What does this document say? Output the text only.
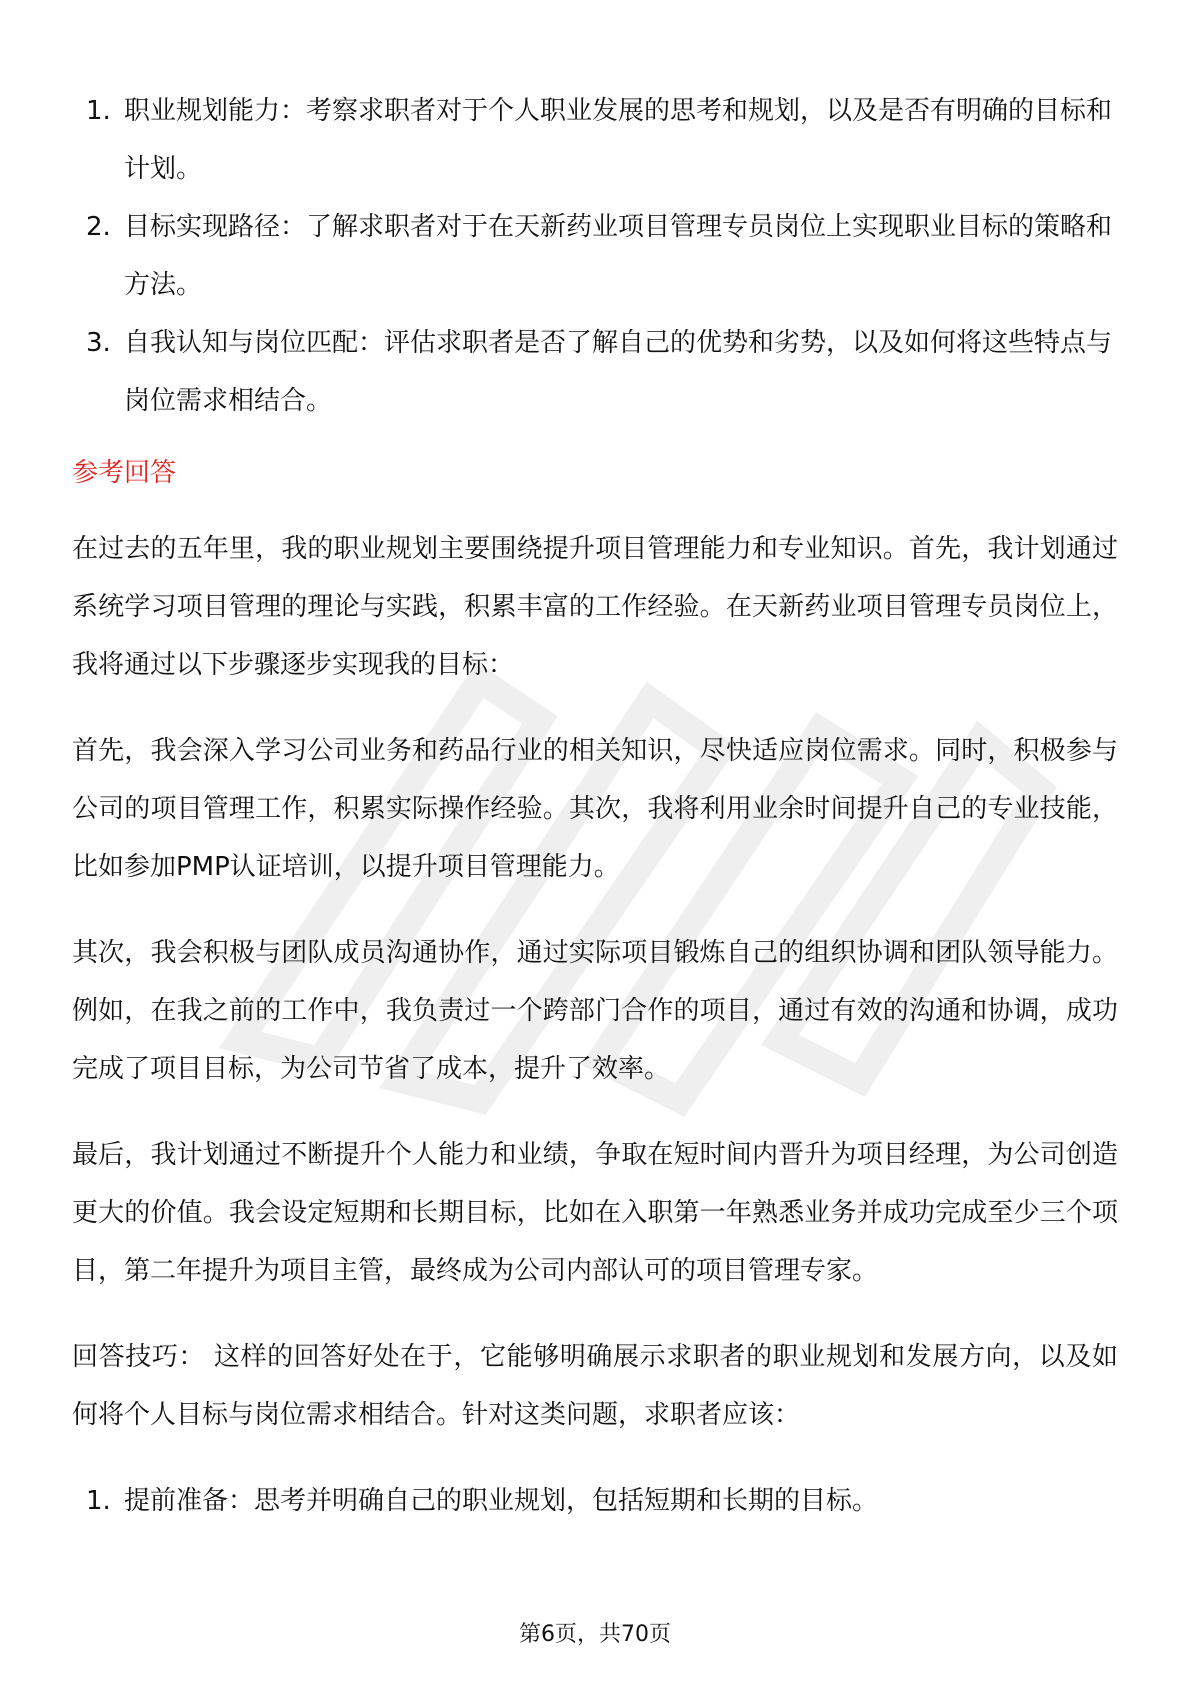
1. 职业规划能力：考察求职者对于个人职业发展的思考和规划，以及是否有明确的目标和计划。
2. 目标实现路径：了解求职者对于在天新药业项目管理专员岗位上实现职业目标的策略和方法。
3. 自我认知与岗位匹配：评估求职者是否了解自己的优势和劣势，以及如何将这些特点与岗位需求相结合。
参考回答

在过去的五年里，我的职业规划主要围绕提升项目管理能力和专业知识。首先，我计划通过系统学习项目管理的理论与实践，积累丰富的工作经验。在天新药业项目管理专员岗位上，我将通过以下步骤逐步实现我的目标：

首先，我会深入学习公司业务和药品行业的相关知识，尽快适应岗位需求。同时，积极参与公司的项目管理工作，积累实际操作经验。其次，我将利用业余时间提升自己的专业技能，比如参加PMP认证培训，以提升项目管理能力。

其次，我会积极与团队成员沟通协作，通过实际项目锻炼自己的组织协调和团队领导能力。例如，在我之前的工作中，我负责过一个跨部门合作的项目，通过有效的沟通和协调，成功完成了项目目标，为公司节省了成本，提升了效率。

最后，我计划通过不断提升个人能力和业绩，争取在短时间内晋升为项目经理，为公司创造更大的价值。我会设定短期和长期目标，比如在入职第一年熟悉业务并成功完成至少三个项目，第二年提升为项目主管，最终成为公司内部认可的项目管理专家。

回答技巧： 这样的回答好处在于，它能够明确展示求职者的职业规划和发展方向，以及如何将个人目标与岗位需求相结合。针对这类问题，求职者应该：

1. 提前准备：思考并明确自己的职业规划，包括短期和长期的目标。
第6页，共70页
